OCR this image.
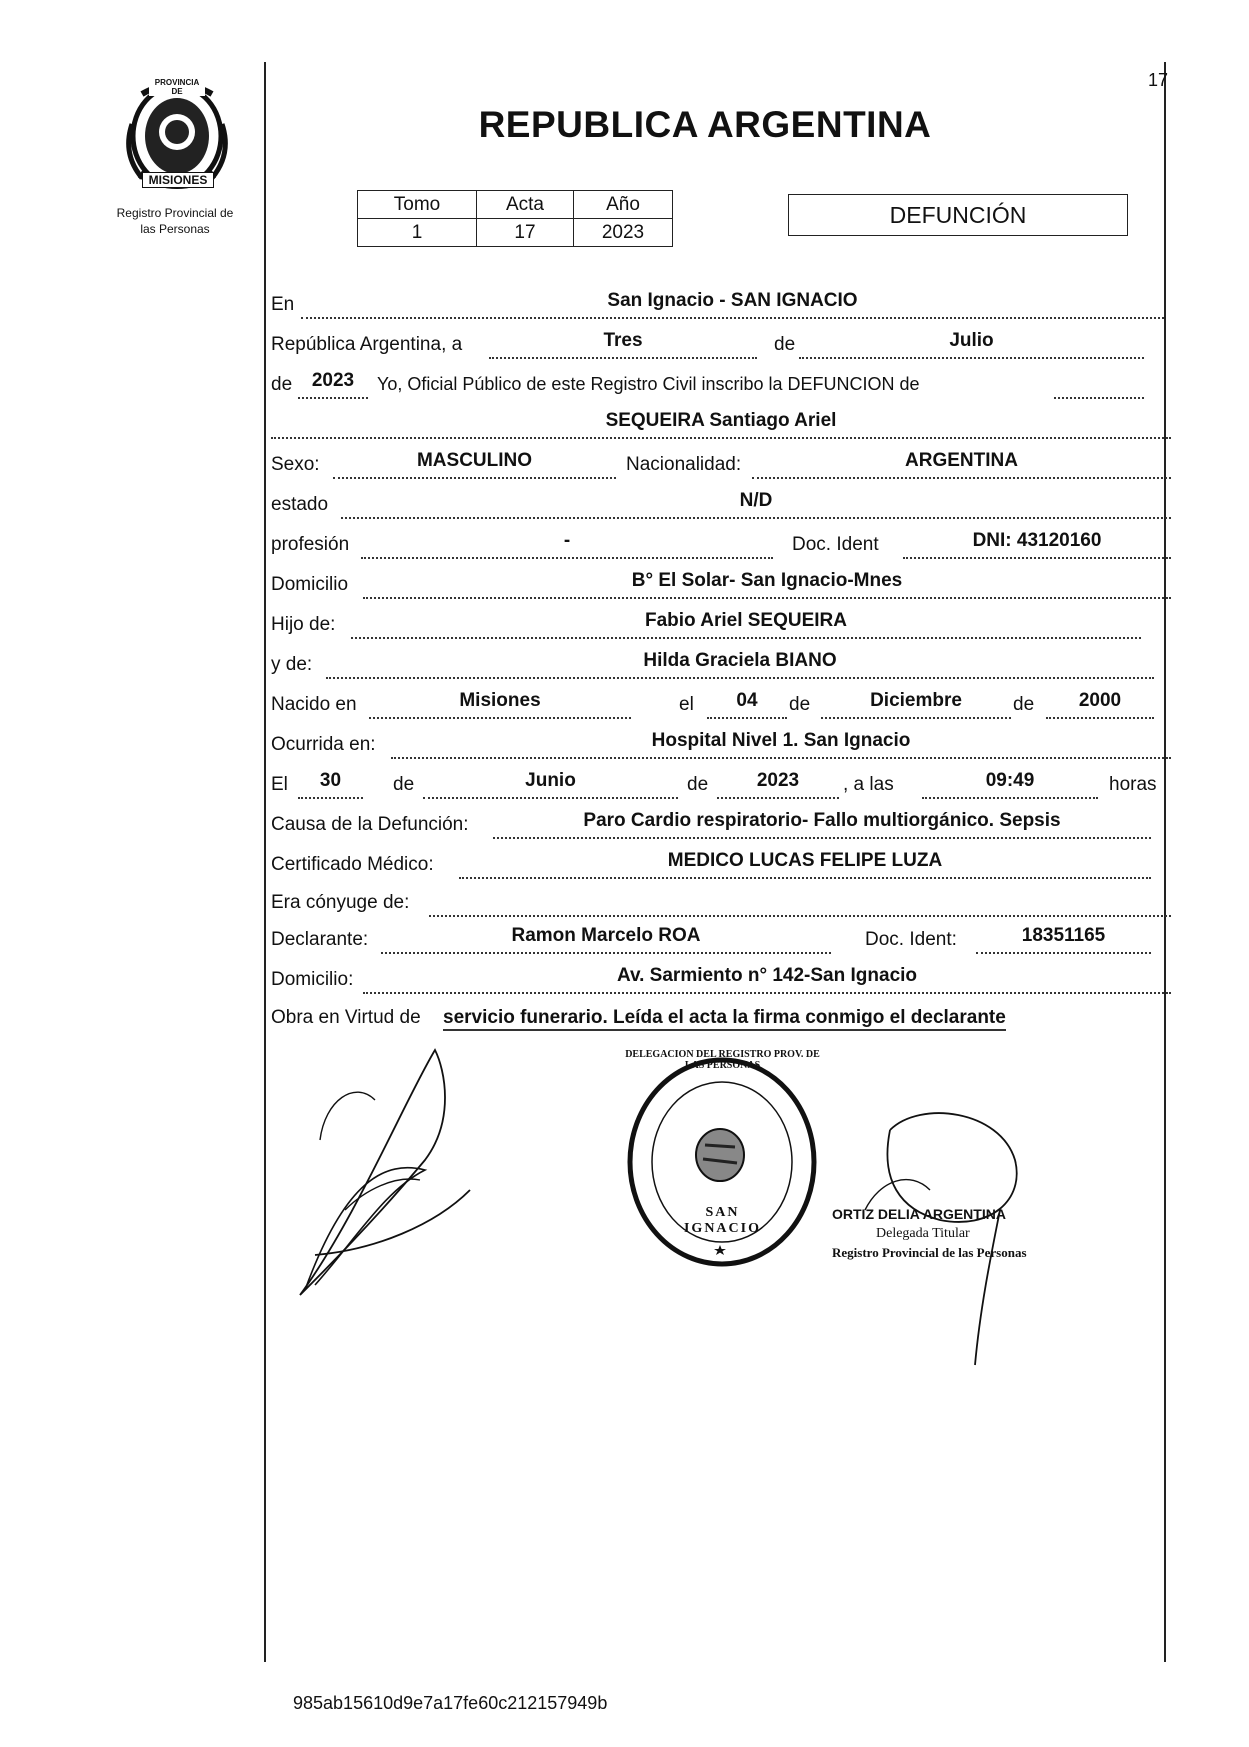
PROVINCIA DE
MISIONES
Registro Provincial de
las Personas
17
REPUBLICA ARGENTINA
Tomo	Acta	Año
1	17	2023
DEFUNCIÓN
En	San Ignacio - SAN IGNACIO
República Argentina, a	Tres	de	Julio
de	2023	Yo, Oficial Público de este Registro Civil inscribo la DEFUNCION de
SEQUEIRA Santiago Ariel
Sexo:	MASCULINO	Nacionalidad:	ARGENTINA
estado	N/D
profesión	-	Doc. Ident	DNI: 43120160
Domicilio	B° El Solar- San Ignacio-Mnes
Hijo de:	Fabio Ariel SEQUEIRA
y de:	Hilda Graciela BIANO
Nacido en	Misiones	el	04	de	Diciembre	de	2000
Ocurrida en:	Hospital Nivel 1. San Ignacio
El	30	de	Junio	de	2023	, a las	09:49	horas
Causa de la Defunción:	Paro Cardio respiratorio- Fallo multiorgánico. Sepsis
Certificado Médico:	MEDICO LUCAS FELIPE LUZA
Era cónyuge de:
Declarante:	Ramon Marcelo ROA	Doc. Ident:	18351165
Domicilio:	Av. Sarmiento n° 142-San Ignacio
Obra en Virtud de servicio funerario. Leída el acta la firma conmigo el declarante
DELEGACION DEL REGISTRO PROV. DE LAS PERSONAS
SAN IGNACIO
ORTIZ DELIA ARGENTINA
Delegada Titular
Registro Provincial de las Personas
985ab15610d9e7a17fe60c212157949b
